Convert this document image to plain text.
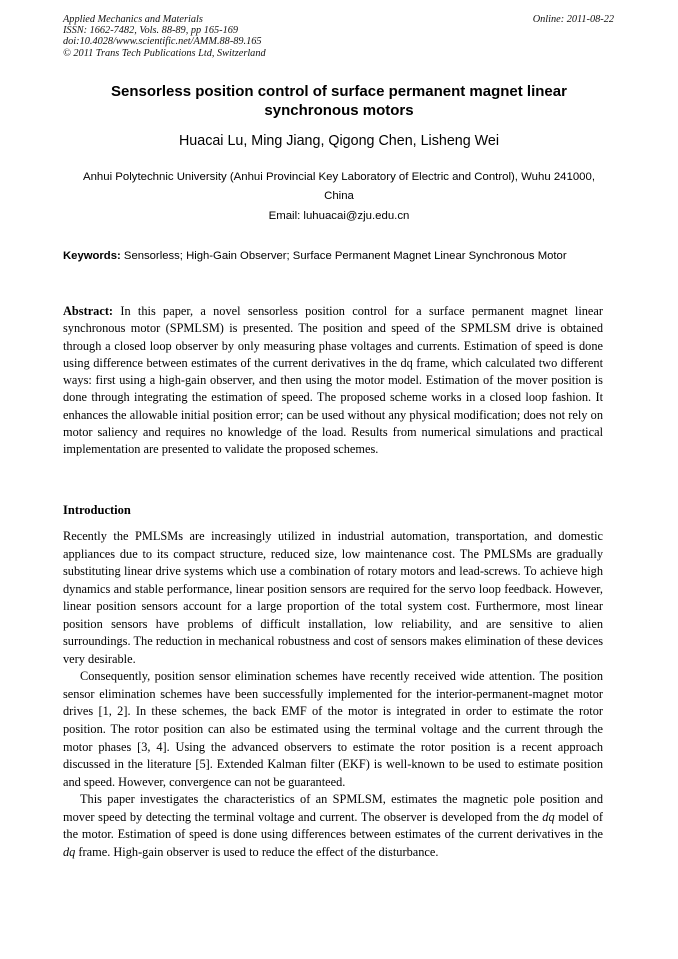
Applied Mechanics and Materials
ISSN: 1662-7482, Vols. 88-89, pp 165-169
doi:10.4028/www.scientific.net/AMM.88-89.165
© 2011 Trans Tech Publications Ltd, Switzerland
Online: 2011-08-22
Sensorless position control of surface permanent magnet linear synchronous motors
Huacai Lu, Ming Jiang, Qigong Chen, Lisheng Wei
Anhui Polytechnic University (Anhui Provincial Key Laboratory of Electric and Control), Wuhu 241000, China
Email: luhuacai@zju.edu.cn
Keywords: Sensorless; High-Gain Observer; Surface Permanent Magnet Linear Synchronous Motor
Abstract: In this paper, a novel sensorless position control for a surface permanent magnet linear synchronous motor (SPMLSM) is presented. The position and speed of the SPMLSM drive is obtained through a closed loop observer by only measuring phase voltages and currents. Estimation of speed is done using difference between estimates of the current derivatives in the dq frame, which calculated two different ways: first using a high-gain observer, and then using the motor model. Estimation of the mover position is done through integrating the estimation of speed. The proposed scheme works in a closed loop fashion. It enhances the allowable initial position error; can be used without any physical modification; does not rely on motor saliency and requires no knowledge of the load. Results from numerical simulations and practical implementation are presented to validate the proposed schemes.
Introduction

Recently the PMLSMs are increasingly utilized in industrial automation, transportation, and domestic appliances due to its compact structure, reduced size, low maintenance cost. The PMLSMs are gradually substituting linear drive systems which use a combination of rotary motors and lead-screws. To achieve high dynamics and stable performance, linear position sensors are required for the servo loop feedback. However, linear position sensors account for a large proportion of the total system cost. Furthermore, most linear position sensors have problems of difficult installation, low reliability, and are sensitive to alien surroundings. The reduction in mechanical robustness and cost of sensors makes elimination of these devices very desirable.

Consequently, position sensor elimination schemes have recently received wide attention. The position sensor elimination schemes have been successfully implemented for the interior-permanent-magnet motor drives [1, 2]. In these schemes, the back EMF of the motor is integrated in order to estimate the rotor position. The rotor position can also be estimated using the terminal voltage and the current through the motor phases [3, 4]. Using the advanced observers to estimate the rotor position is a recent approach discussed in the literature [5]. Extended Kalman filter (EKF) is well-known to be used to estimate position and speed. However, convergence can not be guaranteed.

This paper investigates the characteristics of an SPMLSM, estimates the magnetic pole position and mover speed by detecting the terminal voltage and current. The observer is developed from the dq model of the motor. Estimation of speed is done using differences between estimates of the current derivatives in the dq frame. High-gain observer is used to reduce the effect of the disturbance.
